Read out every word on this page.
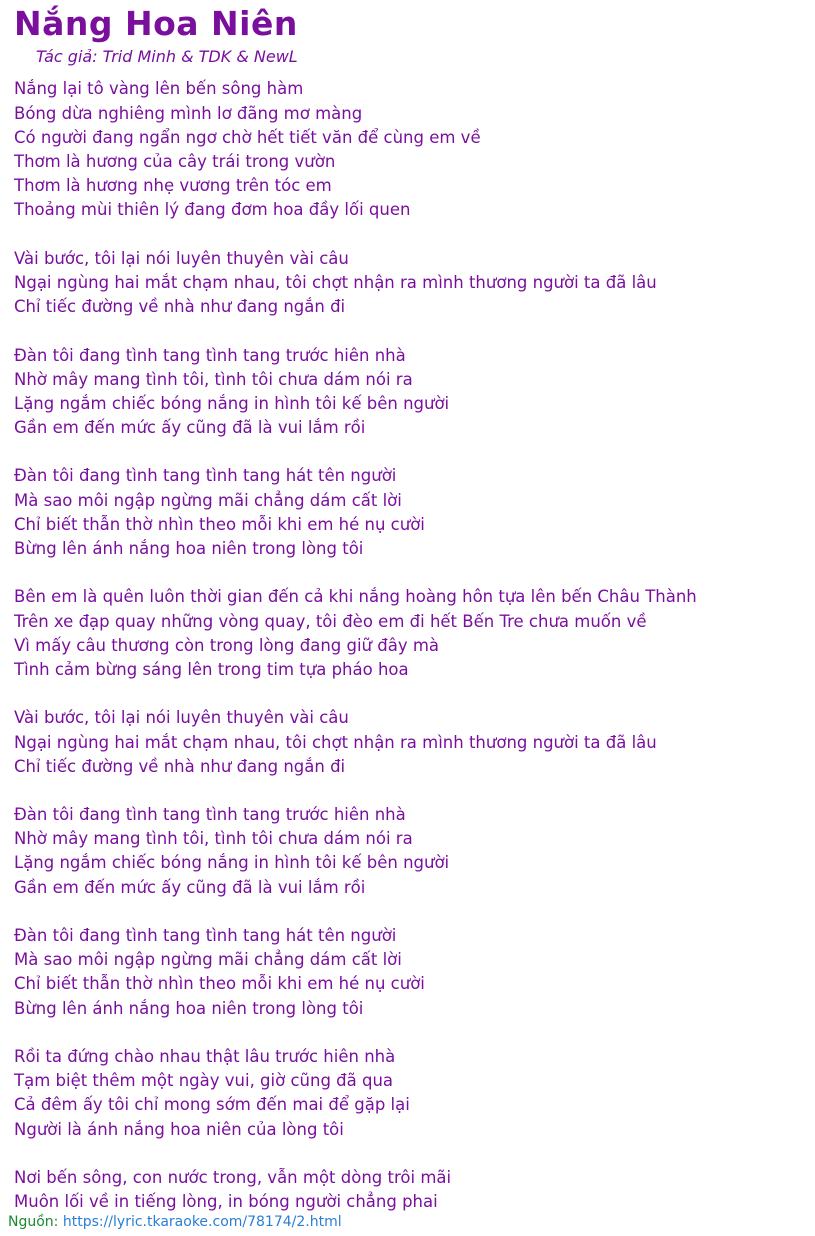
Nắng Hoa Niên
Tác giả: Trid Minh & TDK & NewL
Nắng lại tô vàng lên bến sông hàm
Bóng dừa nghiêng mình lơ đãng mơ màng
Có người đang ngẩn ngơ chờ hết tiết văn để cùng em về
Thơm là hương của cây trái trong vườn
Thơm là hương nhẹ vương trên tóc em
Thoảng mùi thiên lý đang đơm hoa đầy lối quen

Vài bước, tôi lại nói luyên thuyên vài câu
Ngại ngùng hai mắt chạm nhau, tôi chợt nhận ra mình thương người ta đã lâu
Chỉ tiếc đường về nhà như đang ngắn đi

Đàn tôi đang tình tang tình tang trước hiên nhà
Nhờ mây mang tình tôi, tình tôi chưa dám nói ra
Lặng ngắm chiếc bóng nắng in hình tôi kế bên người
Gần em đến mức ấy cũng đã là vui lắm rồi

Đàn tôi đang tình tang tình tang hát tên người
Mà sao môi ngập ngừng mãi chẳng dám cất lời
Chỉ biết thẫn thờ nhìn theo mỗi khi em hé nụ cười
Bừng lên ánh nắng hoa niên trong lòng tôi

Bên em là quên luôn thời gian đến cả khi nắng hoàng hôn tựa lên bến Châu Thành
Trên xe đạp quay những vòng quay, tôi đèo em đi hết Bến Tre chưa muốn về
Vì mấy câu thương còn trong lòng đang giữ đây mà
Tình cảm bừng sáng lên trong tim tựa pháo hoa

Vài bước, tôi lại nói luyên thuyên vài câu
Ngại ngùng hai mắt chạm nhau, tôi chợt nhận ra mình thương người ta đã lâu
Chỉ tiếc đường về nhà như đang ngắn đi

Đàn tôi đang tình tang tình tang trước hiên nhà
Nhờ mây mang tình tôi, tình tôi chưa dám nói ra
Lặng ngắm chiếc bóng nắng in hình tôi kế bên người
Gần em đến mức ấy cũng đã là vui lắm rồi

Đàn tôi đang tình tang tình tang hát tên người
Mà sao môi ngập ngừng mãi chẳng dám cất lời
Chỉ biết thẫn thờ nhìn theo mỗi khi em hé nụ cười
Bừng lên ánh nắng hoa niên trong lòng tôi

Rồi ta đứng chào nhau thật lâu trước hiên nhà
Tạm biệt thêm một ngày vui, giờ cũng đã qua
Cả đêm ấy tôi chỉ mong sớm đến mai để gặp lại
Người là ánh nắng hoa niên của lòng tôi

Nơi bến sông, con nước trong, vẫn một dòng trôi mãi
Muôn lối về in tiếng lòng, in bóng người chẳng phai
Nguồn: https://lyric.tkaraoke.com/78174/2.html
